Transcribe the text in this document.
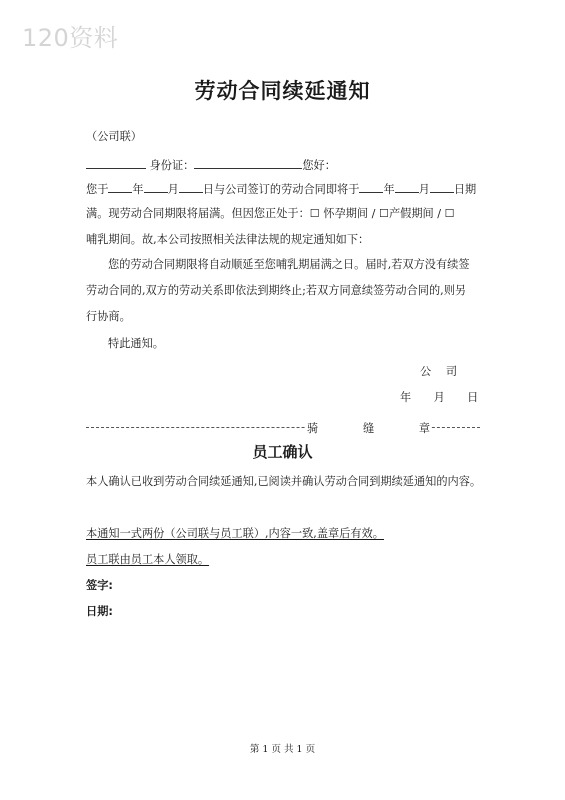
120资料
劳动合同续延通知
（公司联）
身份证：	您好：
您于 年 月 日与公司签订的劳动合同即将于 年 月 日期
满。现劳动合同期限将届满。但因您正处于：☐ 怀孕期间 / ☐产假期间 / ☐
哺乳期间。故,本公司按照相关法律法规的规定通知如下：
您的劳动合同期限将自动顺延至您哺乳期届满之日。届时,若双方没有续签
劳动合同的,双方的劳动关系即依法到期终止;若双方同意续签劳动合同的,则另
行协商。
特此通知。
公　 司
年　　月　　日
骑　　　　缝　　　　章
员工确认
本人确认已收到劳动合同续延通知,已阅读并确认劳动合同到期续延通知的内容。
本通知一式两份（公司联与员工联）,内容一致,盖章后有效。
员工联由员工本人领取。
签字:
日期:
第 1 页 共 1 页
